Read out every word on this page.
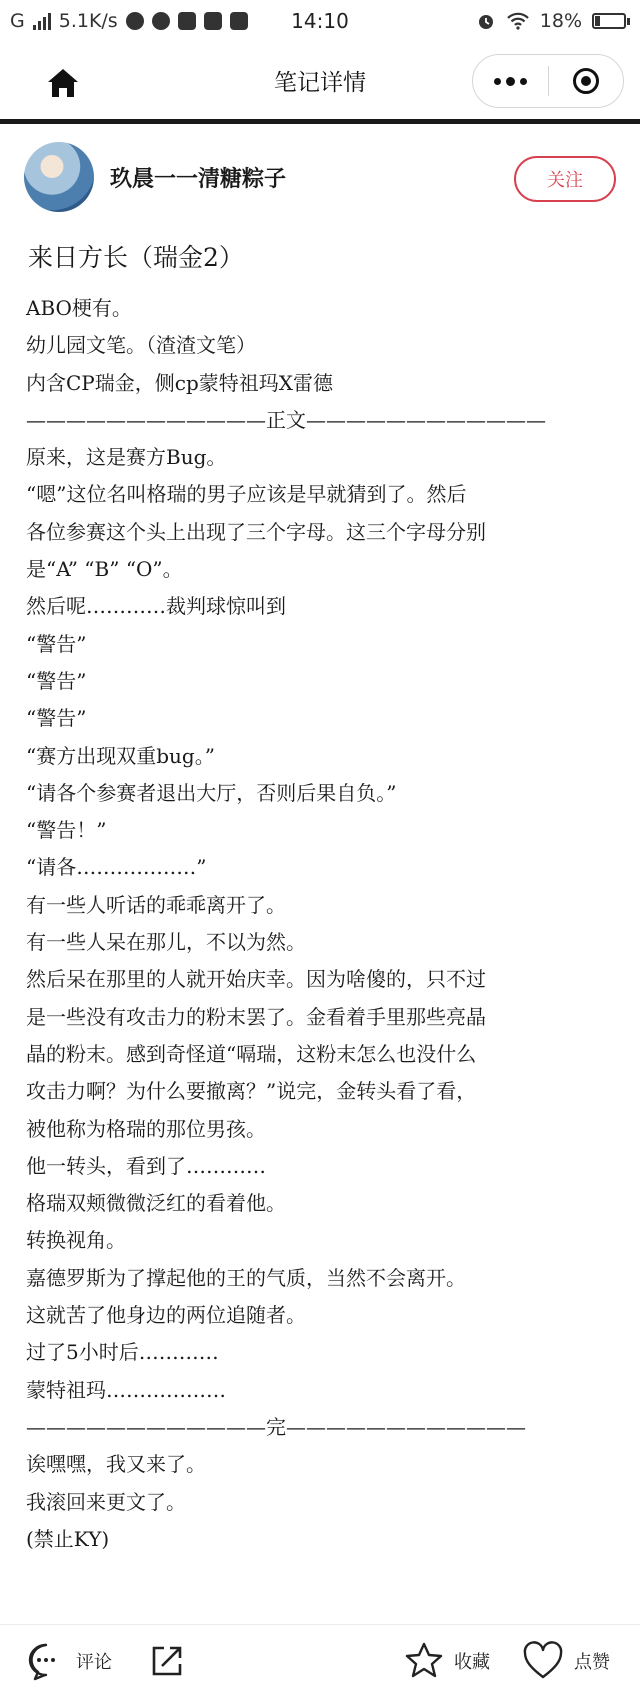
G 5.1K/s	14:10	18%
笔记详情
玖晨一一清糖粽子	关注
来日方长（瑞金2）
ABO梗有。
幼儿园文笔。（渣渣文笔）
内含CP瑞金，侧cp蒙特祖玛X雷德
————————————正文————————————
原来，这是赛方Bug。
“嗯”这位名叫格瑞的男子应该是早就猜到了。然后
各位参赛这个头上出现了三个字母。这三个字母分别
是“A” “B” “O”。
然后呢…………裁判球惊叫到
“警告”
“警告”
“警告”
“赛方出现双重bug。”
“请各个参赛者退出大厅，否则后果自负。”
“警告！”
“请各………………”
有一些人听话的乖乖离开了。
有一些人呆在那儿，不以为然。
然后呆在那里的人就开始庆幸。因为啥傻的，只不过
是一些没有攻击力的粉末罢了。金看着手里那些亮晶
晶的粉末。感到奇怪道“嗝瑞，这粉末怎么也没什么
攻击力啊？为什么要撤离？”说完，金转头看了看，
被他称为格瑞的那位男孩。
他一转头，看到了…………
格瑞双颊微微泛红的看着他。
转换视角。
嘉德罗斯为了撑起他的王的气质，当然不会离开。
这就苦了他身边的两位追随者。
过了5小时后…………
蒙特祖玛………………
————————————完————————————
诶嘿嘿，我又来了。
我滚回来更文了。
(禁止KY)
评论	收藏	点赞
